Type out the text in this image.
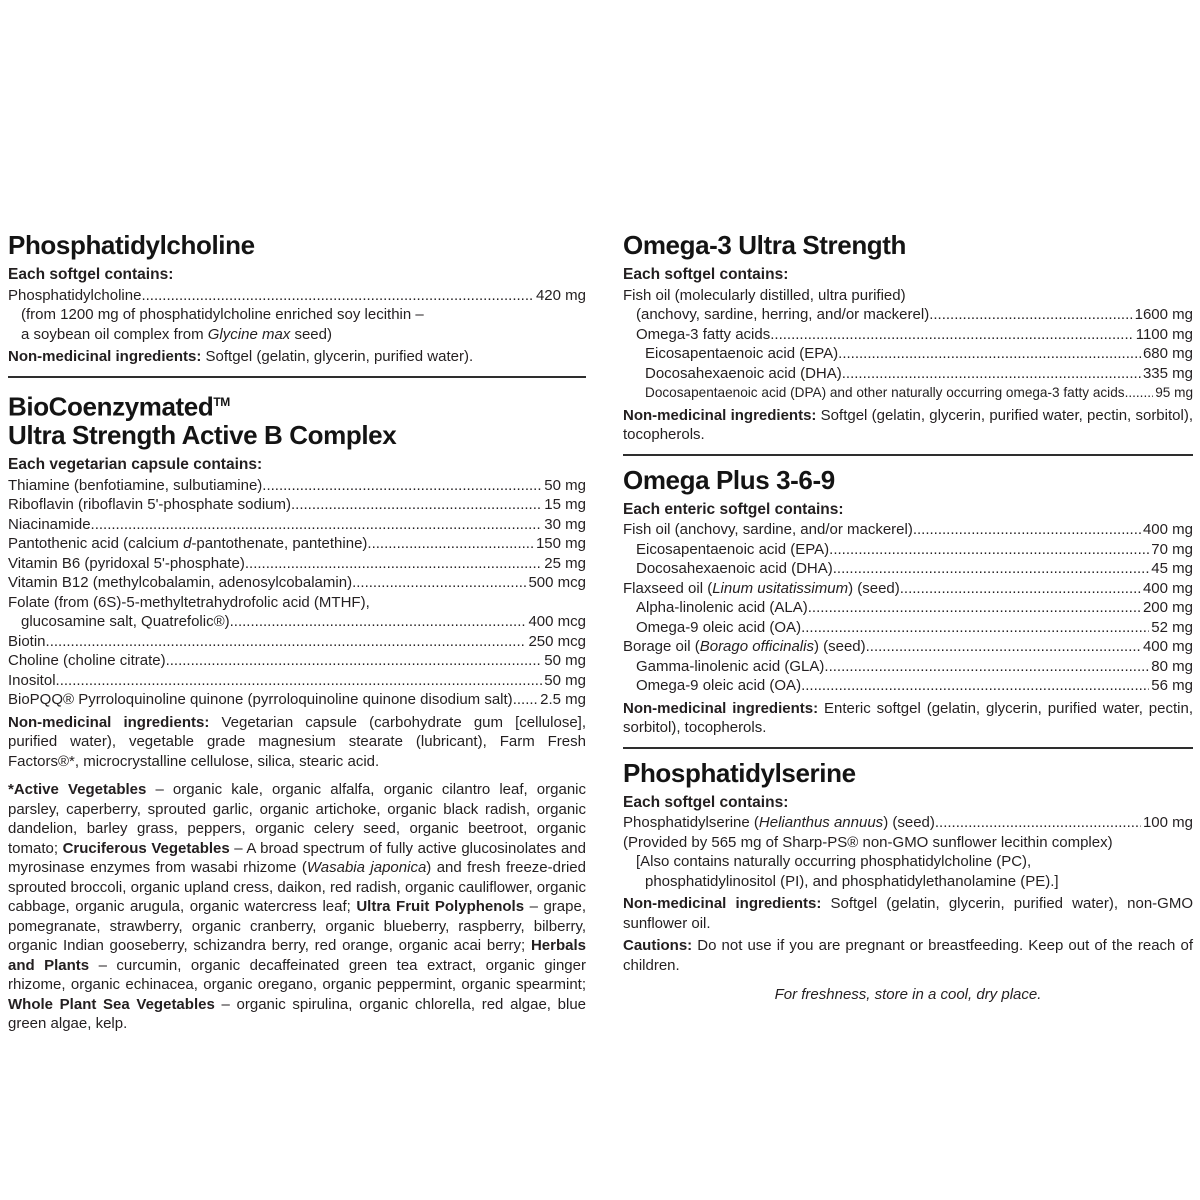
Phosphatidylcholine
Each softgel contains:
Phosphatidylcholine .....	420 mg
(from 1200 mg of phosphatidylcholine enriched soy lecithin –
a soybean oil complex from Glycine max seed)
Non-medicinal ingredients: Softgel (gelatin, glycerin, purified water).
BioCoenzymated™
Ultra Strength Active B Complex
Each vegetarian capsule contains:
Thiamine (benfotiamine, sulbutiamine) .....	50 mg
Riboflavin (riboflavin 5'-phosphate sodium) .....	15 mg
Niacinamide .....	30 mg
Pantothenic acid (calcium d-pantothenate, pantethine) .....	150 mg
Vitamin B6 (pyridoxal 5'-phosphate) .....	25 mg
Vitamin B12 (methylcobalamin, adenosylcobalamin) .....	500 mcg
Folate (from (6S)-5-methyltetrahydrofolic acid (MTHF),
glucosamine salt, Quatrefolic®) .....	400 mcg
Biotin .....	250 mcg
Choline (choline citrate) .....	50 mg
Inositol .....	50 mg
BioPQQ® Pyrroloquinoline quinone (pyrroloquinoline quinone disodium salt) ..... 2.5 mg
Non-medicinal ingredients: Vegetarian capsule (carbohydrate gum [cellulose], purified water), vegetable grade magnesium stearate (lubricant), Farm Fresh Factors®*, microcrystalline cellulose, silica, stearic acid.
*Active Vegetables – organic kale, organic alfalfa, organic cilantro leaf, organic parsley, caperberry, sprouted garlic, organic artichoke, organic black radish, organic dandelion, barley grass, peppers, organic celery seed, organic beetroot, organic tomato; Cruciferous Vegetables – A broad spectrum of fully active glucosinolates and myrosinase enzymes from wasabi rhizome (Wasabia japonica) and fresh freeze-dried sprouted broccoli, organic upland cress, daikon, red radish, organic cauliflower, organic cabbage, organic arugula, organic watercress leaf; Ultra Fruit Polyphenols – grape, pomegranate, strawberry, organic cranberry, organic blueberry, raspberry, bilberry, organic Indian gooseberry, schizandra berry, red orange, organic acai berry; Herbals and Plants – curcumin, organic decaffeinated green tea extract, organic ginger rhizome, organic echinacea, organic oregano, organic peppermint, organic spearmint; Whole Plant Sea Vegetables – organic spirulina, organic chlorella, red algae, blue green algae, kelp.
Omega-3 Ultra Strength
Each softgel contains:
Fish oil (molecularly distilled, ultra purified)
(anchovy, sardine, herring, and/or mackerel) .....	1600 mg
Omega-3 fatty acids .....	1100 mg
Eicosapentaenoic acid (EPA) .....	680 mg
Docosahexaenoic acid (DHA) .....	335 mg
Docosapentaenoic acid (DPA) and other naturally occurring omega-3 fatty acids ..... 95 mg
Non-medicinal ingredients: Softgel (gelatin, glycerin, purified water, pectin, sorbitol), tocopherols.
Omega Plus 3-6-9
Each enteric softgel contains:
Fish oil (anchovy, sardine, and/or mackerel) .....	400 mg
Eicosapentaenoic acid (EPA) .....	70 mg
Docosahexaenoic acid (DHA) .....	45 mg
Flaxseed oil (Linum usitatissimum) (seed) .....	400 mg
Alpha-linolenic acid (ALA) .....	200 mg
Omega-9 oleic acid (OA) .....	52 mg
Borage oil (Borago officinalis) (seed) .....	400 mg
Gamma-linolenic acid (GLA) .....	80 mg
Omega-9 oleic acid (OA) .....	56 mg
Non-medicinal ingredients: Enteric softgel (gelatin, glycerin, purified water, pectin, sorbitol), tocopherols.
Phosphatidylserine
Each softgel contains:
Phosphatidylserine (Helianthus annuus) (seed) .....	100 mg
(Provided by 565 mg of Sharp-PS® non-GMO sunflower lecithin complex)
[Also contains naturally occurring phosphatidylcholine (PC),
phosphatidylinositol (PI), and phosphatidylethanolamine (PE).]
Non-medicinal ingredients: Softgel (gelatin, glycerin, purified water), non-GMO sunflower oil.
Cautions: Do not use if you are pregnant or breastfeeding. Keep out of the reach of children.
For freshness, store in a cool, dry place.
